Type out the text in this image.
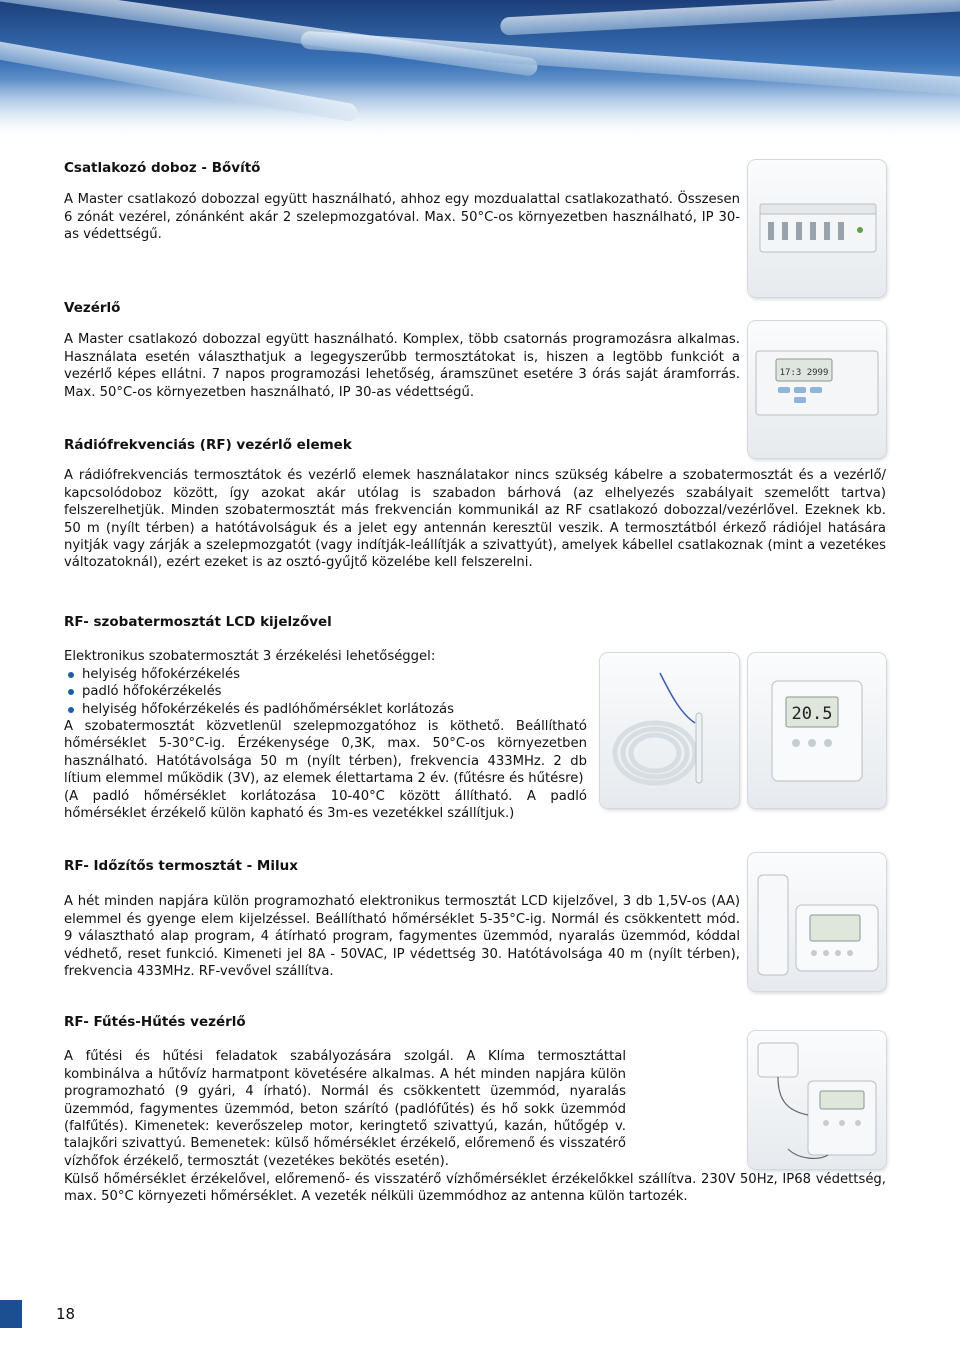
Csatlakozó doboz - Bővítő

A Master csatlakozó dobozzal együtt használható, ahhoz egy mozdualattal csatlakozatható. Összesen 6 zónát vezérel, zónánként akár 2 szelepmozgatóval. Max. 50°C-os környezetben használható, IP 30-as védettségű.

Vezérlő

A Master csatlakozó dobozzal együtt használható. Komplex, több csatornás programozásra alkalmas. Használata esetén választhatjuk a legegyszerűbb termosztátokat is, hiszen a legtöbb funkciót a vezérlő képes ellátni. 7 napos programozási lehetőség, áramszünet esetére 3 órás saját áramforrás. Max. 50°C-os környezetben használható, IP 30-as védettségű.

17:3 2999
Rádiófrekvenciás (RF) vezérlő elemek

A rádiófrekvenciás termosztátok és vezérlő elemek használatakor nincs szükség kábelre a szobatermosztát és a vezérlő/ kapcsolódoboz között, így azokat akár utólag is szabadon bárhová (az elhelyezés szabályait szemelőtt tartva) felszerelhetjük. Minden szobatermosztát más frekvencián kommunikál az RF csatlakozó dobozzal/vezérlővel. Ezeknek kb. 50 m (nyílt térben) a hatótávolságuk és a jelet egy antennán keresztül veszik. A termosztátból érkező rádiójel hatására nyitják vagy zárják a szelepmozgatót (vagy indítják-leállítják a szivattyút), amelyek kábellel csatlakoznak (mint a vezetékes változatoknál), ezért ezeket is az osztó-gyűjtő közelébe kell felszerelni.

RF- szobatermosztát LCD kijelzővel

Elektronikus szobatermosztát 3 érzékelési lehetőséggel:

helyiség hőfokérzékelés
padló hőfokérzékelés
helyiség hőfokérzékelés és padlóhőmérséklet korlátozás

A szobatermosztát közvetlenül szelepmozgatóhoz is köthető. Beállítható hőmérséklet 5-30°C-ig. Érzékenysége 0,3K, max. 50°C-os környezetben használható. Hatótávolsága 50 m (nyílt térben), frekvencia 433MHz. 2 db lítium elemmel működik (3V), az elemek élettartama 2 év. (fűtésre és hűtésre)

(A padló hőmérséklet korlátozása 10-40°C között állítható. A padló hőmérséklet érzékelő külön kapható és 3m-es vezetékkel szállítjuk.)

20.5
RF- Időzítős termosztát - Milux

A hét minden napjára külön programozható elektronikus termosztát LCD kijelzővel, 3 db 1,5V-os (AA) elemmel és gyenge elem kijelzéssel. Beállítható hőmérséklet 5-35°C-ig. Normál és csökkentett mód. 9 választható alap program, 4 átírható program, fagymentes üzemmód, nyaralás üzemmód, kóddal védhető, reset funkció. Kimeneti jel 8A - 50VAC, IP védettség 30. Hatótávolsága 40 m (nyílt térben), frekvencia 433MHz. RF-vevővel szállítva.

RF- Fűtés-Hűtés vezérlő

A fűtési és hűtési feladatok szabályozására szolgál. A Klíma termosztáttal kombinálva a hűtővíz harmatpont követésére alkalmas. A hét minden napjára külön programozható (9 gyári, 4 írható). Normál és csökkentett üzemmód, nyaralás üzemmód, fagymentes üzemmód, beton szárító (padlófűtés) és hő sokk üzemmód (falfűtés). Kimenetek: keverőszelep motor, keringtető szivattyú, kazán, hűtőgép v. talajkőri szivattyú. Bemenetek: külső hőmérséklet érzékelő, előremenő és visszatérő vízhőfok érzékelő, termosztát (vezetékes bekötés esetén).

Külső hőmérséklet érzékelővel, előremenő- és visszatérő vízhőmérséklet érzékelőkkel szállítva. 230V 50Hz, IP68 védettség, max. 50°C környezeti hőmérséklet. A vezeték nélküli üzemmódhoz az antenna külön tartozék.

18
